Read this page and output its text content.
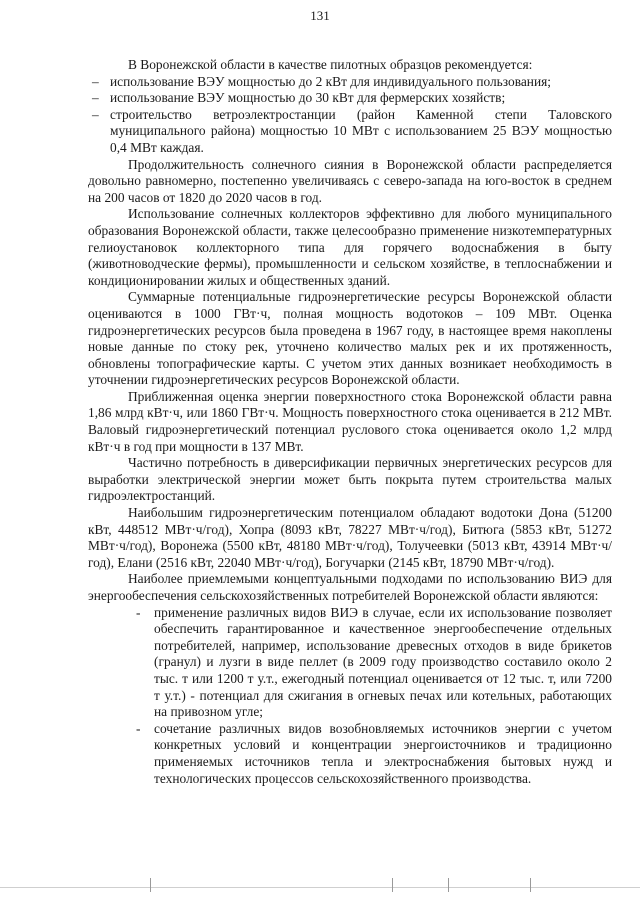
131

В Воронежской области в качестве пилотных образцов рекомендуется:

– использование ВЭУ мощностью до 2 кВт для индивидуального пользования;
– использование ВЭУ мощностью до 30 кВт для фермерских хозяйств;
– строительство ветроэлектростанции (район Каменной степи Таловского муниципального района) мощностью 10 МВт с использованием 25 ВЭУ мощностью 0,4 МВт каждая.

Продолжительность солнечного сияния в Воронежской области распределяется довольно равномерно, постепенно увеличиваясь с северо-запада на юго-восток в среднем на 200 часов от 1820 до 2020 часов в год.

Использование солнечных коллекторов эффективно для любого муниципального образования Воронежской области, также целесообразно применение низкотемпературных гелиоустановок коллекторного типа для горячего водоснабжения в быту (животноводческие фермы), промышленности и сельском хозяйстве, в теплоснабжении и кондиционировании жилых и общественных зданий.

Суммарные потенциальные гидроэнергетические ресурсы Воронежской области оцениваются в 1000 ГВт·ч, полная мощность водотоков – 109 МВт. Оценка гидроэнергетических ресурсов была проведена в 1967 году, в настоящее время накоплены новые данные по стоку рек, уточнено количество малых рек и их протяженность, обновлены топографические карты. С учетом этих данных возникает необходимость в уточнении гидроэнергетических ресурсов Воронежской области.

Приближенная оценка энергии поверхностного стока Воронежской области равна 1,86 млрд кВт·ч, или 1860 ГВт·ч. Мощность поверхностного стока оценивается в 212 МВт. Валовый гидроэнергетический потенциал руслового стока оценивается около 1,2 млрд кВт·ч в год при мощности в 137 МВт.

Частично потребность в диверсификации первичных энергетических ресурсов для выработки электрической энергии может быть покрыта путем строительства малых гидроэлектростанций.

Наибольшим гидроэнергетическим потенциалом обладают водотоки Дона (51200 кВт, 448512 МВт·ч/год), Хопра (8093 кВт, 78227 МВт·ч/год), Битюга (5853 кВт, 51272 МВт·ч/год), Воронежа (5500 кВт, 48180 МВт·ч/год), Толучеевки (5013 кВт, 43914 МВт·ч/год), Елани (2516 кВт, 22040 МВт·ч/год), Богучарки (2145 кВт, 18790 МВт·ч/год).

Наиболее приемлемыми концептуальными подходами по использованию ВИЭ для энергообеспечения сельскохозяйственных потребителей Воронежской области являются:

- применение различных видов ВИЭ в случае, если их использование позволяет обеспечить гарантированное и качественное энергообеспечение отдельных потребителей, например, использование древесных отходов в виде брикетов (гранул) и лузги в виде пеллет (в 2009 году производство составило около 2 тыс. т или 1200 т у.т., ежегодный потенциал оценивается от 12 тыс. т, или 7200 т у.т.) - потенциал для сжигания в огневых печах или котельных, работающих на привозном угле;
- сочетание различных видов возобновляемых источников энергии с учетом конкретных условий и концентрации энергоисточников и традиционно применяемых источников тепла и электроснабжения бытовых нужд и технологических процессов сельскохозяйственного производства.
